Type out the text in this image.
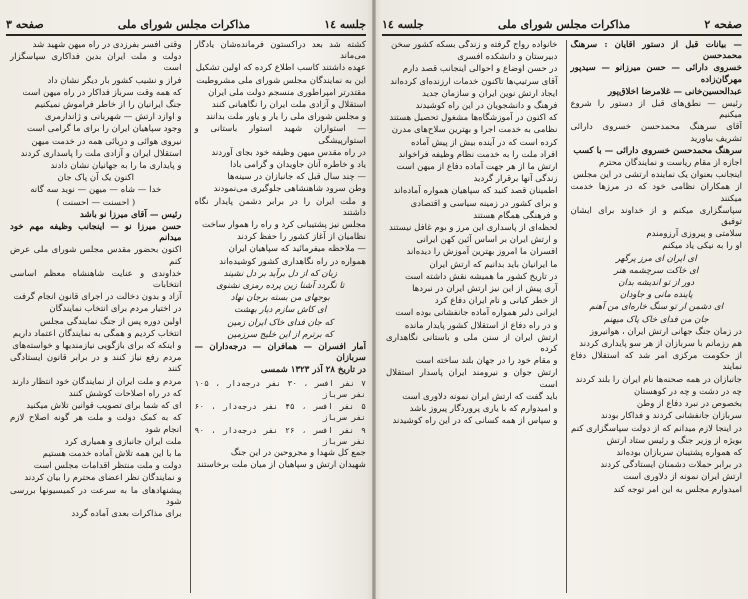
جلسه ۱٤
مذاکرات مجلس شورای ملی
صفحه ۳

کشته شد بعد دراکستون فرمانده‌شان یادگار می‌ماند

عهده داشتند کاسب اطلاع کرده که اولین تشکیل

این به نمایندگان مجلس شورای ملی مشروطیت

مقتدرتر امپراطوری منسجم دولت ملی ایران

استقلال و آزادی ملت ایران را نگاهبانی کنند

و مجلس شورای ملی را یار و یاور ملت بدانند

— استواران شهید استوار باستانی و استوارپیشگی

در راه مقدس میهن وظیفه خود بجای آوردند

یاد و خاطره آنان جاویدان و گرامی بادا

— چند سال قبل که جانبازان در سینه‌ها

وطن سرود شاهنشاهی جلوگیری می‌نمودند

و ملت ایران را در برابر دشمن پایدار نگاه داشتند

مجلس نیز پشتیبانی کرد و راه را هموار ساخت

نظامیان از آغاز کشور را حفظ کردند

— ملاحظه میفرمائید که سپاهیان ایران

همواره در راه نگاهداری کشور کوشیده‌اند

زبان که از دل برآید بر دل نشیند

تا نگردد آشنا زین پرده رمزی نشنوی

بوجهای من بسته برجان نهاد

ای کاش سازم دیار بهشت

که جان فدای خاک ایران زمین

که برترم از این خلیج سرزمین

آمار افسران — همافران — درجه‌داران — سربازان

در تاریخ ۲۸ آذر ۱۳۲۳ شمسی

۷ نفر افسر ، ۳۰ نفر درجه‌دار ، ۱۰۵ نفر سرباز

۵ نفر افسر ، ۴۵ نفر درجه‌دار ، ۶۰ نفر سرباز

۹ نفر افسر ، ۲۶ نفر درجه‌دار ، ۹۰ نفر سرباز

جمع کل شهدا و مجروحین در این جنگ

شهیدان ارتش و سپاهیان از میان ملت برخاستند

وقتی افسر بفرزدی در راه میهن شهید شد

دولت و ملت ایران بدین فداکاری سپاسگزار است

فراز و نشیب کشور بار دیگر نشان داد

که همه وقت سرباز فداکار در راه میهن است

جنگ ایرانیان را از خاطر فراموش نمیکنیم

و اوازد ارتش — شهربانی و ژاندارمری

وجود سپاهیان ایران را برای ما گرامی است

نیروی هوائی و دریائی همه در خدمت میهن

استقلال ایران و آزادی ملت را پاسداری کردند

و پایداری ما را به جهانیان نشان دادند

اکنون یک آن پاک جان

خدا — شاه — میهن — نوید سه گانه

( احسنت — احسنت )

رئیس — آقای میرزا نو باشد

حسن میرزا نو — اینجانب وظیفه مهم خود میدانم

اکنون بحضور مقدس مجلس شورای ملی عرض کنم

خداوندی و عنایت شاهنشاه معظم اساسی انتخابات

آزاد و بدون دخالت در اجرای قانون انجام گرفت

در اختیار مردم برای انتخاب نمایندگان

اولین دوره پس از جنگ نمایندگی مجلس

انتخاب کردیم و همگی به نمایندگان اعتماد داریم

و اینکه که برای بازگویی نیازمندیها و خواسته‌های

مردم رفع نیاز کنند و در برابر قانون ایستادگی کنند

مردم و ملت ایران از نمایندگان خود انتظار دارند

که در راه اصلاحات کوشش کنند

ای که شما برای تصویب قوانین تلاش میکنید

که به کمک دولت و ملت هر گونه اصلاح لازم انجام شود

ملت ایران جانبازی و همیاری کرد

ما با این همه تلاش آماده خدمت هستیم

دولت و ملت منتظر اقدامات مجلس است

و نمایندگان نظر اعضای محترم را بیان کردند

پیشنهادهای ما به سرعت در کمیسیونها بررسی شود

برای مذاکرات بعدی آماده گردد

صفحه ۲
مذاکرات مجلس شورای ملی
جلسه ۱٤

— بیانات قبل از دستور آقایان : سرهنگ محمدحسن

خسروی دارائی — حسن میرزانو — سیدپور مهرگان‌زاده

عبدالحسین‌خانی — غلامرضا اخلاق‌پور

رئیس — نطق‌های قبل از دستور را شروع میکنیم

آقای سرهنگ محمدحسن خسروی دارائی تشریف بیاورید

سرهنگ محمدحسن خسروی دارائی — با کسب

اجازه از مقام ریاست و نمایندگان محترم

اینجانب بعنوان یک نماینده ارتشی در این مجلس

از همکاران نظامی خود که در مرزها خدمت میکنند

سپاسگزاری میکنم و از خداوند برای ایشان توفیق

سلامتی و پیروزی آرزومندم

او را به نیکی یاد میکنم

ای ایران ای مرز پرگهر

ای خاکت سرچشمه هنر

دور از تو اندیشه بدان

پاینده مانی و جاودان

ای دشمن ار تو سنگ خاره‌ای من آهنم

جان من فدای خاک پاک میهنم

در زمان جنگ جهانی ارتش ایران ، هوانیروز

هم رزمانم با سربازان از هر سو پایداری کردند

از حکومت مرکزی امر شد که استقلال دفاع نمایند

جانبازان در همه صحنه‌ها نام ایران را بلند کردند

چه در دشت و چه در کوهستان

بخصوص در نبرد دفاع از وطن

سربازان جانفشانی کردند و فداکار بودند

در اینجا لازم میدانم که از دولت سپاسگزاری کنم

بویژه از وزیر جنگ و رئیس ستاد ارتش

که همواره پشتیبان سربازان بوده‌اند

در برابر حملات دشمنان ایستادگی کردند

ارتش ایران نمونه از دلاوری است

امیدوارم مجلس به این امر توجه کند

خانواده رواج گرفته و زندگی بسکه کشور سخن

دبیرستان و دانشکده افسری

در حسن اوضاع و احوالی اینجانب قصد دارم

آقای سرتیپ‌ها تاکنون خدمات ارزنده‌ای کرده‌اند

ایجاد ارتش نوین ایران و سازمان جدید

فرهنگ و دانشجویان در این راه کوشیدند

که اکنون در آموزشگاه‌ها مشغول تحصیل هستند

نظامی به خدمت اجرا و بهترین سلاح‌های مدرن

کرده است که در آینده بیش از پیش آماده

افراد ملت را به خدمت نظام وظیفه فراخواند

ارتش ما از هر جهت آماده دفاع از میهن است

زندگی آنها برقرار گردید

اطمینان قصد کنید که سپاهیان همواره آماده‌اند

و برای کشور در زمینه سیاسی و اقتصادی

و فرهنگی همگام هستند

لحظه‌ای از پاسداری این مرز و بوم غافل نیستند

و ارتش ایران بر اساس آئین کهن ایرانی

افسران ما امروز بهترین آموزش را دیده‌اند

ما ایرانیان باید بدانیم که ارتش ایران

در تاریخ کشور ما همیشه نقش داشته است

آری پیش از این نیز ارتش ایران در نبردها

از خطر کیانی و نام ایران دفاع کرد

ایرانی دلیر همواره آماده جانفشانی بوده است

و در راه دفاع از استقلال کشور پایدار مانده

ارتش ایران از سنن ملی و باستانی نگاهداری کرده

و مقام خود را در جهان بلند ساخته است

ارتش جوان و نیرومند ایران پاسدار استقلال است

باید گفت که ارتش ایران نمونه دلاوری است

و امیدوارم که با یاری پروردگار پیروز باشد

و سپاس از همه کسانی که در این راه کوشیدند
